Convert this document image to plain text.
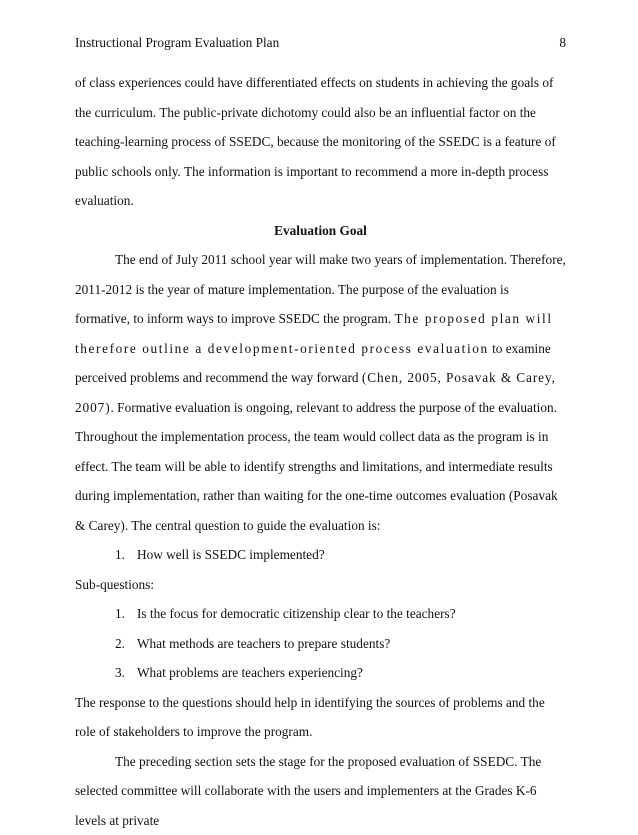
Instructional Program Evaluation Plan	8

of class experiences could have differentiated effects on students in achieving the goals of the curriculum. The public-private dichotomy could also be an influential factor on the teaching-learning process of SSEDC, because the monitoring of the SSEDC is a feature of public schools only. The information is important to recommend a more in-depth process evaluation.

Evaluation Goal

The end of July 2011 school year will make two years of implementation. Therefore, 2011-2012 is the year of mature implementation. The purpose of the evaluation is formative, to inform ways to improve SSEDC the program. The proposed plan will therefore outline a development-oriented process evaluation to examine perceived problems and recommend the way forward (Chen, 2005, Posavak & Carey, 2007). Formative evaluation is ongoing, relevant to address the purpose of the evaluation. Throughout the implementation process, the team would collect data as the program is in effect. The team will be able to identify strengths and limitations, and intermediate results during implementation, rather than waiting for the one-time outcomes evaluation (Posavak & Carey). The central question to guide the evaluation is:

1. How well is SSEDC implemented?

Sub-questions:

1. Is the focus for democratic citizenship clear to the teachers?
2. What methods are teachers to prepare students?
3. What problems are teachers experiencing?

The response to the questions should help in identifying the sources of problems and the role of stakeholders to improve the program.

The preceding section sets the stage for the proposed evaluation of SSEDC. The selected committee will collaborate with the users and implementers at the Grades K-6 levels at private
